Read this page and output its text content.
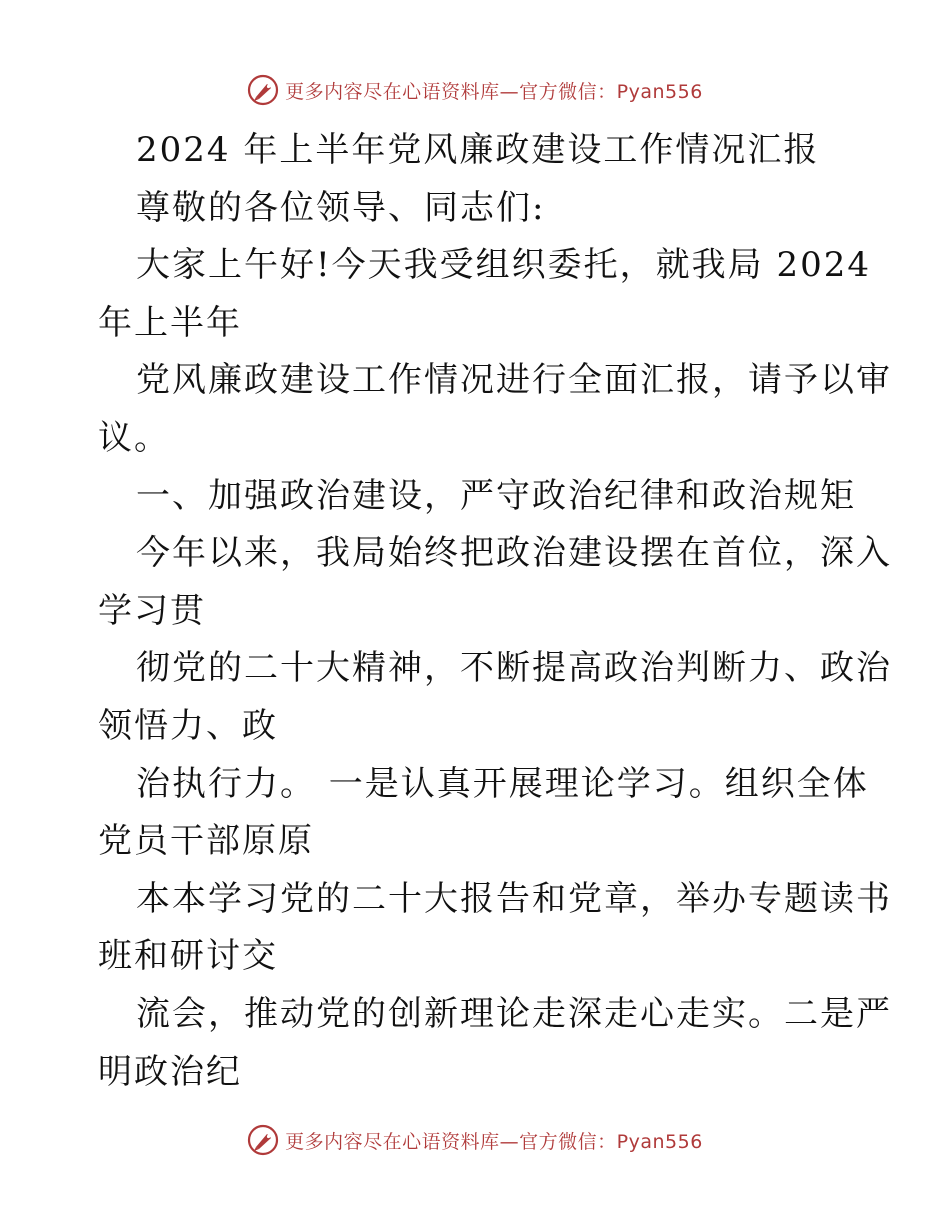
更多内容尽在心语资料库—官方微信：Pyan556
2024 年上半年党风廉政建设工作情况汇报
尊敬的各位领导、同志们:
大家上午好!今天我受组织委托，就我局 2024
年上半年
党风廉政建设工作情况进行全面汇报，请予以审
议。
一、加强政治建设，严守政治纪律和政治规矩
今年以来，我局始终把政治建设摆在首位，深入
学习贯
彻党的二十大精神，不断提高政治判断力、政治
领悟力、政
治执行力。 一是认真开展理论学习。组织全体
党员干部原原
本本学习党的二十大报告和党章，举办专题读书
班和研讨交
流会，推动党的创新理论走深走心走实。二是严
明政治纪
更多内容尽在心语资料库—官方微信：Pyan556
